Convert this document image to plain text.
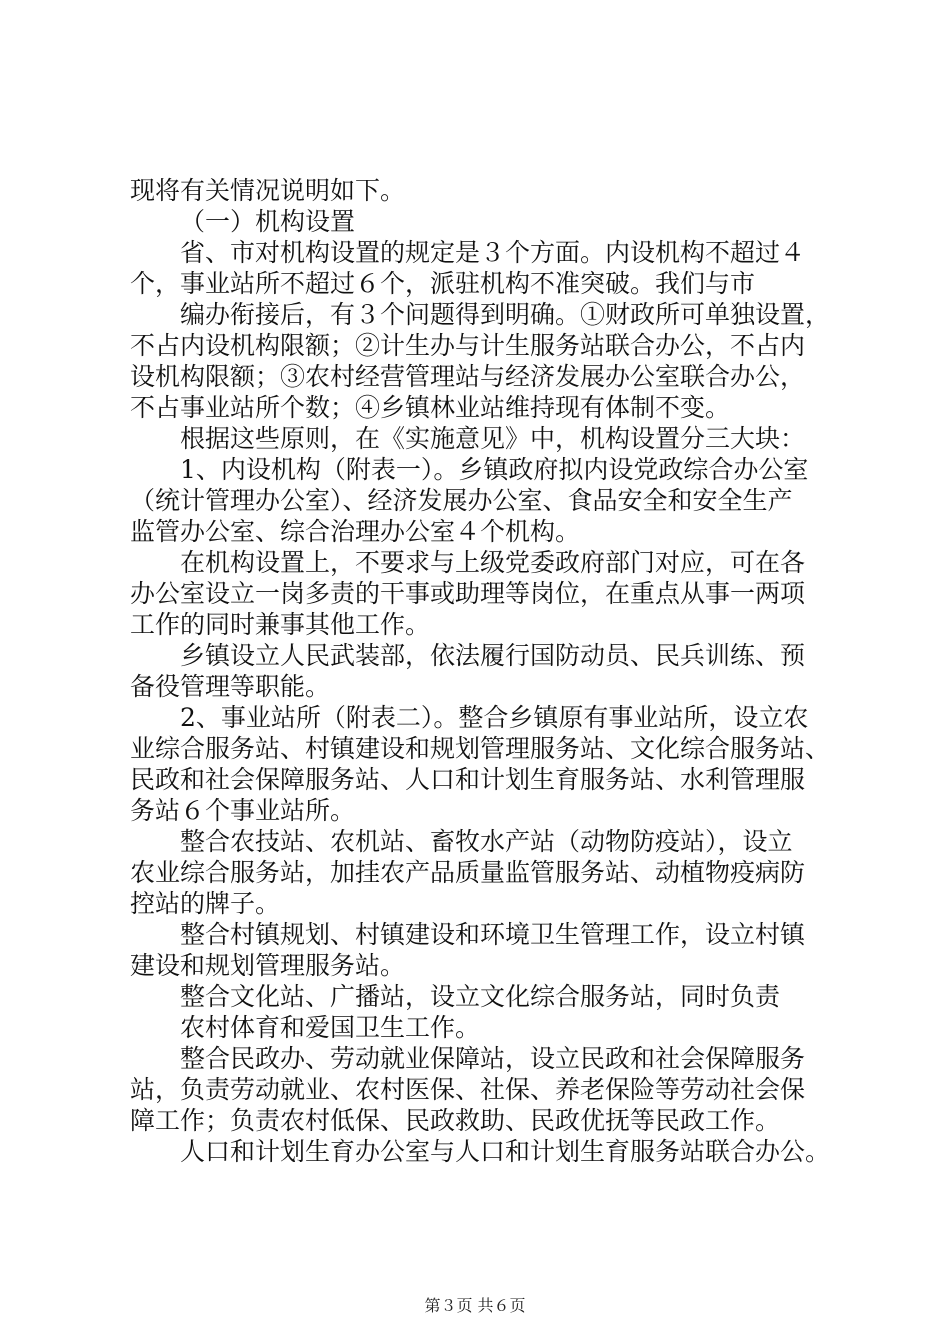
现将有关情况说明如下。
（一）机构设置
省、市对机构设置的规定是３个方面。内设机构不超过４
个，事业站所不超过６个，派驻机构不准突破。我们与市
编办衔接后，有３个问题得到明确。①财政所可单独设置，
不占内设机构限额；②计生办与计生服务站联合办公，不占内
设机构限额；③农村经营管理站与经济发展办公室联合办公，
不占事业站所个数；④乡镇林业站维持现有体制不变。
根据这些原则，在《实施意见》中，机构设置分三大块：
1、内设机构（附表一）。乡镇政府拟内设党政综合办公室
（统计管理办公室）、经济发展办公室、食品安全和安全生产
监管办公室、综合治理办公室４个机构。
在机构设置上，不要求与上级党委政府部门对应，可在各
办公室设立一岗多责的干事或助理等岗位，在重点从事一两项
工作的同时兼事其他工作。
乡镇设立人民武装部，依法履行国防动员、民兵训练、预
备役管理等职能。
2、事业站所（附表二）。整合乡镇原有事业站所，设立农
业综合服务站、村镇建设和规划管理服务站、文化综合服务站、
民政和社会保障服务站、人口和计划生育服务站、水利管理服
务站６个事业站所。
整合农技站、农机站、畜牧水产站（动物防疫站），设立
农业综合服务站，加挂农产品质量监管服务站、动植物疫病防
控站的牌子。
整合村镇规划、村镇建设和环境卫生管理工作，设立村镇
建设和规划管理服务站。
整合文化站、广播站，设立文化综合服务站，同时负责
农村体育和爱国卫生工作。
整合民政办、劳动就业保障站，设立民政和社会保障服务
站，负责劳动就业、农村医保、社保、养老保险等劳动社会保
障工作；负责农村低保、民政救助、民政优抚等民政工作。
人口和计划生育办公室与人口和计划生育服务站联合办公。
第３页 共６页
